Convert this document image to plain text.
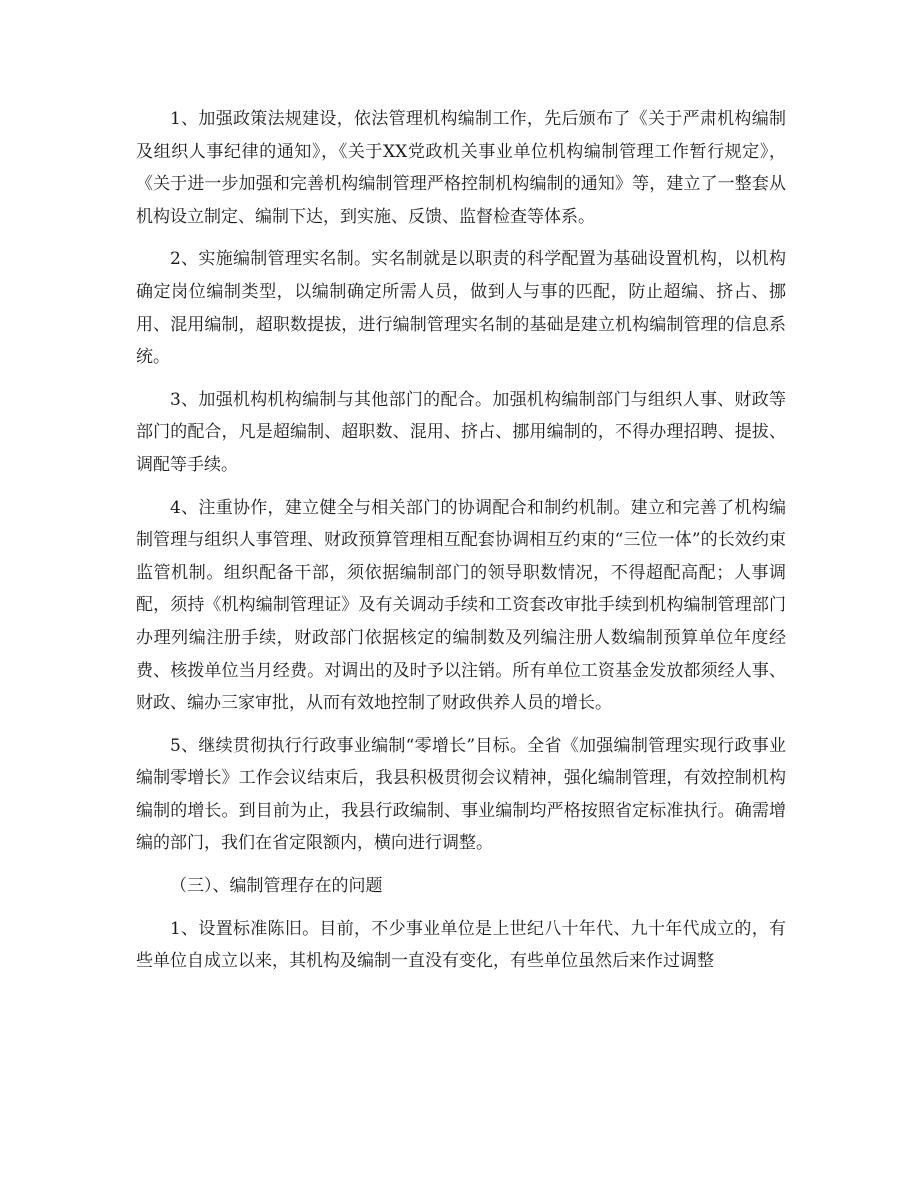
1、加强政策法规建设，依法管理机构编制工作，先后颁布了《关于严肃机构编制及组织人事纪律的通知》，《关于XX党政机关事业单位机构编制管理工作暂行规定》，《关于进一步加强和完善机构编制管理严格控制机构编制的通知》等，建立了一整套从机构设立制定、编制下达，到实施、反馈、监督检查等体系。

2、实施编制管理实名制。实名制就是以职责的科学配置为基础设置机构，以机构确定岗位编制类型，以编制确定所需人员，做到人与事的匹配，防止超编、挤占、挪用、混用编制，超职数提拔，进行编制管理实名制的基础是建立机构编制管理的信息系统。

3、加强机构机构编制与其他部门的配合。加强机构编制部门与组织人事、财政等部门的配合，凡是超编制、超职数、混用、挤占、挪用编制的，不得办理招聘、提拔、调配等手续。

4、注重协作，建立健全与相关部门的协调配合和制约机制。建立和完善了机构编制管理与组织人事管理、财政预算管理相互配套协调相互约束的“三位一体”的长效约束监管机制。组织配备干部，须依据编制部门的领导职数情况，不得超配高配；人事调配，须持《机构编制管理证》及有关调动手续和工资套改审批手续到机构编制管理部门办理列编注册手续，财政部门依据核定的编制数及列编注册人数编制预算单位年度经费、核拨单位当月经费。对调出的及时予以注销。所有单位工资基金发放都须经人事、财政、编办三家审批，从而有效地控制了财政供养人员的增长。

5、继续贯彻执行行政事业编制“零增长”目标。全省《加强编制管理实现行政事业编制零增长》工作会议结束后，我县积极贯彻会议精神，强化编制管理，有效控制机构编制的增长。到目前为止，我县行政编制、事业编制均严格按照省定标准执行。确需增编的部门，我们在省定限额内，横向进行调整。

（三）、编制管理存在的问题

1、设置标准陈旧。目前，不少事业单位是上世纪八十年代、九十年代成立的，有些单位自成立以来，其机构及编制一直没有变化，有些单位虽然后来作过调整
